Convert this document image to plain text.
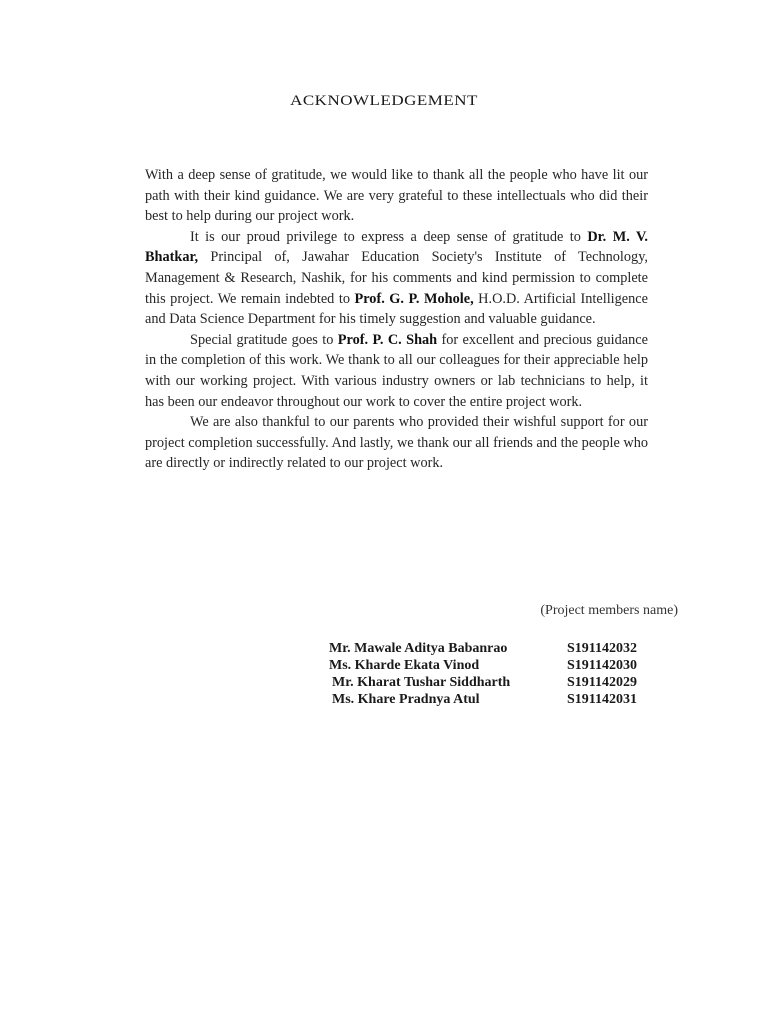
ACKNOWLEDGEMENT

With a deep sense of gratitude, we would like to thank all the people who have lit our path with their kind guidance. We are very grateful to these intellectuals who did their best to help during our project work.

It is our proud privilege to express a deep sense of gratitude to Dr. M. V. Bhatkar, Principal of, Jawahar Education Society's Institute of Technology, Management & Research, Nashik, for his comments and kind permission to complete this project. We remain indebted to Prof. G. P. Mohole, H.O.D. Artificial Intelligence and Data Science Department for his timely suggestion and valuable guidance.

Special gratitude goes to Prof. P. C. Shah for excellent and precious guidance in the completion of this work. We thank to all our colleagues for their appreciable help with our working project. With various industry owners or lab technicians to help, it has been our endeavor throughout our work to cover the entire project work.

We are also thankful to our parents who provided their wishful support for our project completion successfully. And lastly, we thank our all friends and the people who are directly or indirectly related to our project work.

(Project members name)
Mr. Mawale Aditya Babanrao	S191142032
Ms. Kharde Ekata Vinod	S191142030
Mr. Kharat Tushar Siddharth	S191142029
Ms. Khare Pradnya Atul	S191142031
